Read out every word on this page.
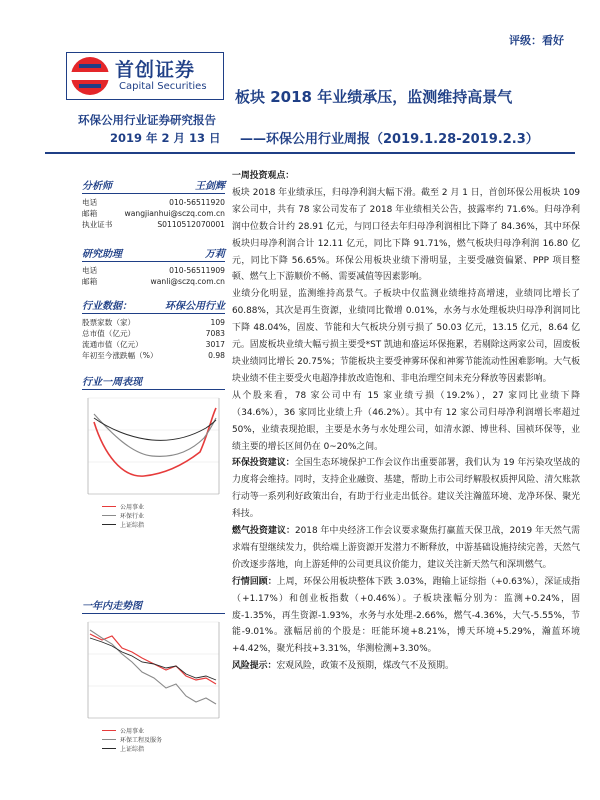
首创证券
Capital Securities
评级：看好
板块 2018 年业绩承压，监测维持高景气
环保公用行业证券研究报告
2019 年 2 月 13 日 ——环保公用行业周报（2019.1.28-2019.2.3）
分析师	王剑辉
电话	010-56511920
邮箱	wangjianhui@sczq.com.cn
执业证书	S0110512070001
研究助理	万莉
电话	010-56511909
邮箱	wanli@sczq.com.cn
行业数据：	环保公用行业
股票家数（家）	109
总市值（亿元）	7083
流通市值（亿元）	3017
年初至今涨跌幅（%）	0.98
行业一周表现
公用事业
环保行业
上证综指
一年内走势图
公用事业
环保工程及服务
上证综指
一周投资观点：

板块 2018 年业绩承压，归母净利润大幅下滑。截至 2 月 1 日，首创环保公用板块 109 家公司中，共有 78 家公司发布了 2018 年业绩相关公告，披露率约 71.6%。归母净利润中位数合计约 28.91 亿元，与同口径去年归母净利润相比下降了 84.36%，其中环保板块归母净利润合计 12.11 亿元，同比下降 91.71%，燃气板块归母净利润 16.80 亿元，同比下降 56.65%。环保公用板块业绩下滑明显，主要受融资偏紧、PPP 项目整顿、燃气上下游顺价不畅、需要减值等因素影响。

业绩分化明显，监测维持高景气。子板块中仅监测业绩维持高增速，业绩同比增长了 60.88%，其次是再生资源，业绩同比微增 0.01%，水务与水处理板块归母净利润同比下降 48.04%，固废、节能和大气板块分别亏损了 50.03 亿元，13.15 亿元，8.64 亿元。固废板块业绩大幅亏损主要受*ST 凯迪和盛运环保拖累，若剔除这两家公司，固废板块业绩同比增长 20.75%；节能板块主要受神雾环保和神雾节能流动性困难影响。大气板块业绩不佳主要受火电超净排放改造饱和、非电治理空间未充分释放等因素影响。

从个股来看，78 家公司中有 15 家业绩亏损（19.2%），27 家同比业绩下降（34.6%），36 家同比业绩上升（46.2%）。其中有 12 家公司归母净利润增长率超过 50%，业绩表现抢眼，主要是水务与水处理公司，如清水源、博世科、国祯环保等，业绩主要的增长区间仍在 0~20%之间。

环保投资建议：全国生态环境保护工作会议作出重要部署，我们认为 19 年污染攻坚战的力度将会维持。同时，支持企业融资、基建，帮助上市公司纾解股权质押风险、清欠账款行动等一系列利好政策出台，有助于行业走出低谷。建议关注瀚蓝环境、龙净环保、聚光科技。

燃气投资建议：2018 年中央经济工作会议要求聚焦打赢蓝天保卫战，2019 年天然气需求端有望继续发力，供给端上游资源开发潜力不断释放，中游基础设施持续完善，天然气价改逐步落地，向上游延伸的公司更具议价能力，建议关注新天然气和深圳燃气。

行情回顾：上周，环保公用板块整体下跌 3.03%，跑输上证综指（+0.63%），深证成指（+1.17%）和创业板指数（+0.46%）。子板块涨幅分别为：监测+0.24%，固废-1.35%，再生资源-1.93%，水务与水处理-2.66%，燃气-4.36%，大气-5.55%，节能-9.01%。涨幅居前的个股是：旺能环境+8.21%，博天环境+5.29%，瀚蓝环境+4.42%，聚光科技+3.31%，华测检测+3.30%。

风险提示：宏观风险，政策不及预期，煤改气不及预期。
